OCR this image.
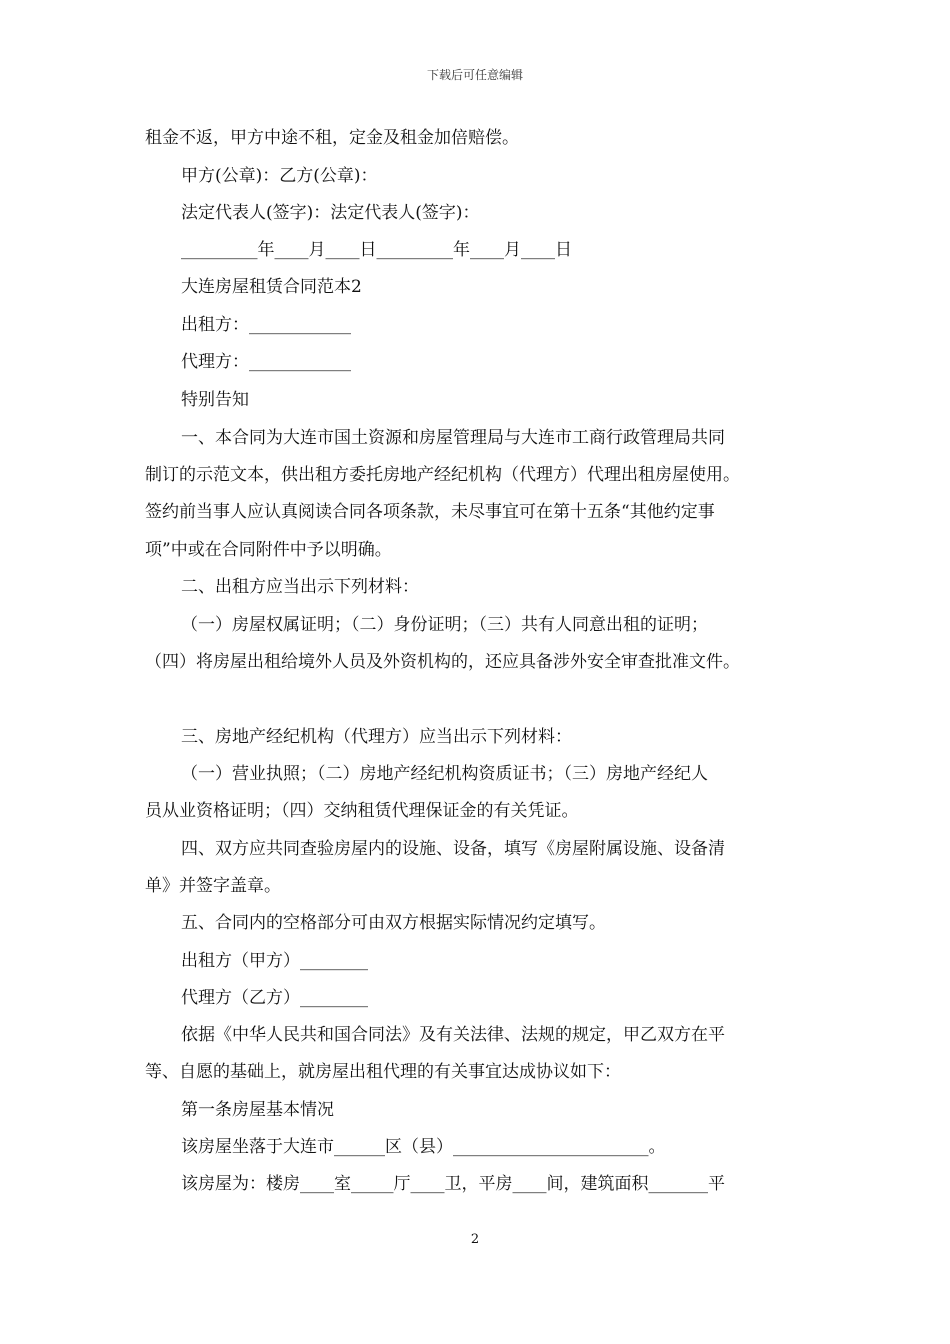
下载后可任意编辑
租金不返，甲方中途不租，定金及租金加倍赔偿。
甲方(公章)：乙方(公章)：
法定代表人(签字)：法定代表人(签字)：
_________年____月____日_________年____月____日
大连房屋租赁合同范本2
出租方：____________
代理方：____________
特别告知
一、本合同为大连市国土资源和房屋管理局与大连市工商行政管理局共同
制订的示范文本，供出租方委托房地产经纪机构（代理方）代理出租房屋使用。
签约前当事人应认真阅读合同各项条款，未尽事宜可在第十五条“其他约定事
项”中或在合同附件中予以明确。
二、出租方应当出示下列材料：
（一）房屋权属证明；（二）身份证明；（三）共有人同意出租的证明；
（四）将房屋出租给境外人员及外资机构的，还应具备涉外安全审查批准文件。
三、房地产经纪机构（代理方）应当出示下列材料：
（一）营业执照；（二）房地产经纪机构资质证书；（三）房地产经纪人
员从业资格证明；（四）交纳租赁代理保证金的有关凭证。
四、双方应共同查验房屋内的设施、设备，填写《房屋附属设施、设备清
单》并签字盖章。
五、合同内的空格部分可由双方根据实际情况约定填写。
出租方（甲方）________
代理方（乙方）________
依据《中华人民共和国合同法》及有关法律、法规的规定，甲乙双方在平
等、自愿的基础上，就房屋出租代理的有关事宜达成协议如下：
第一条房屋基本情况
该房屋坐落于大连市______区（县）_______________________。
该房屋为：楼房____室_____厅____卫，平房____间，建筑面积_______平
2
